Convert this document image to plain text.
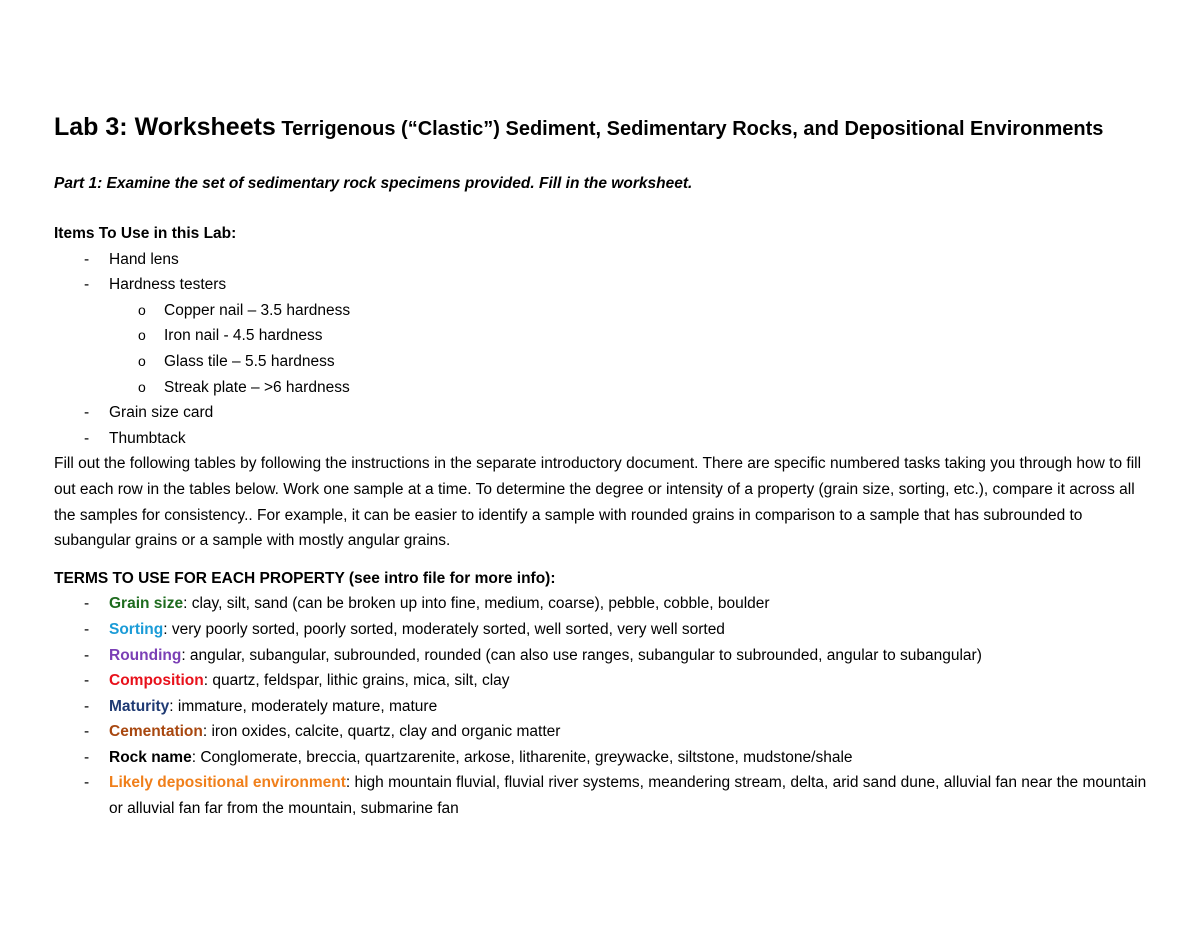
Lab 3: Worksheets Terrigenous (“Clastic”) Sediment, Sedimentary Rocks, and Depositional Environments

Part 1: Examine the set of sedimentary rock specimens provided. Fill in the worksheet.

Items To Use in this Lab:

- Hand lens
- Hardness testers
o Copper nail – 3.5 hardness
o Iron nail - 4.5 hardness
o Glass tile – 5.5 hardness
o Streak plate – >6 hardness
- Grain size card
- Thumbtack

Fill out the following tables by following the instructions in the separate introductory document. There are specific numbered tasks taking you through how to fill out each row in the tables below. Work one sample at a time. To determine the degree or intensity of a property (grain size, sorting, etc.), compare it across all the samples for consistency.. For example, it can be easier to identify a sample with rounded grains in comparison to a sample that has subrounded to subangular grains or a sample with mostly angular grains.

TERMS TO USE FOR EACH PROPERTY (see intro file for more info):

- Grain size: clay, silt, sand (can be broken up into fine, medium, coarse), pebble, cobble, boulder
- Sorting: very poorly sorted, poorly sorted, moderately sorted, well sorted, very well sorted
- Rounding: angular, subangular, subrounded, rounded (can also use ranges, subangular to subrounded, angular to subangular)
- Composition: quartz, feldspar, lithic grains, mica, silt, clay
- Maturity: immature, moderately mature, mature
- Cementation: iron oxides, calcite, quartz, clay and organic matter
- Rock name: Conglomerate, breccia, quartzarenite, arkose, litharenite, greywacke, siltstone, mudstone/shale
- Likely depositional environment: high mountain fluvial, fluvial river systems, meandering stream, delta, arid sand dune, alluvial fan near the mountain or alluvial fan far from the mountain, submarine fan
